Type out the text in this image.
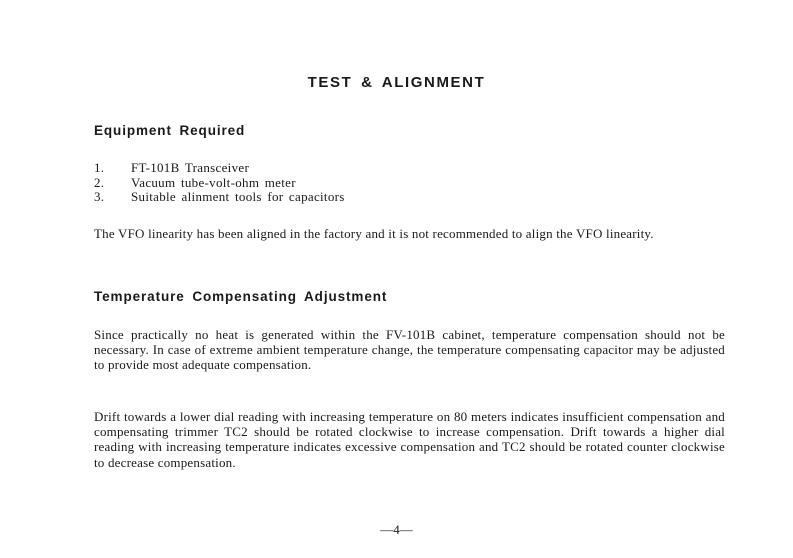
TEST & ALIGNMENT
Equipment Required
1. FT-101B Transceiver
2. Vacuum tube-volt-ohm meter
3. Suitable alinment tools for capacitors

The VFO linearity has been aligned in the factory and it is not recommended to align the VFO linearity.

Temperature Compensating Adjustment

Since practically no heat is generated within the FV-101B cabinet, temperature compensation should not be necessary. In case of extreme ambient temperature change, the temperature compensating capacitor may be adjusted to provide most adequate compensation.

Drift towards a lower dial reading with increasing temperature on 80 meters indicates insufficient compensation and compensating trimmer TC2 should be rotated clockwise to increase compensation. Drift towards a higher dial reading with increasing temperature indicates excessive compensation and TC2 should be rotated counter clockwise to decrease compensation.

—4—
